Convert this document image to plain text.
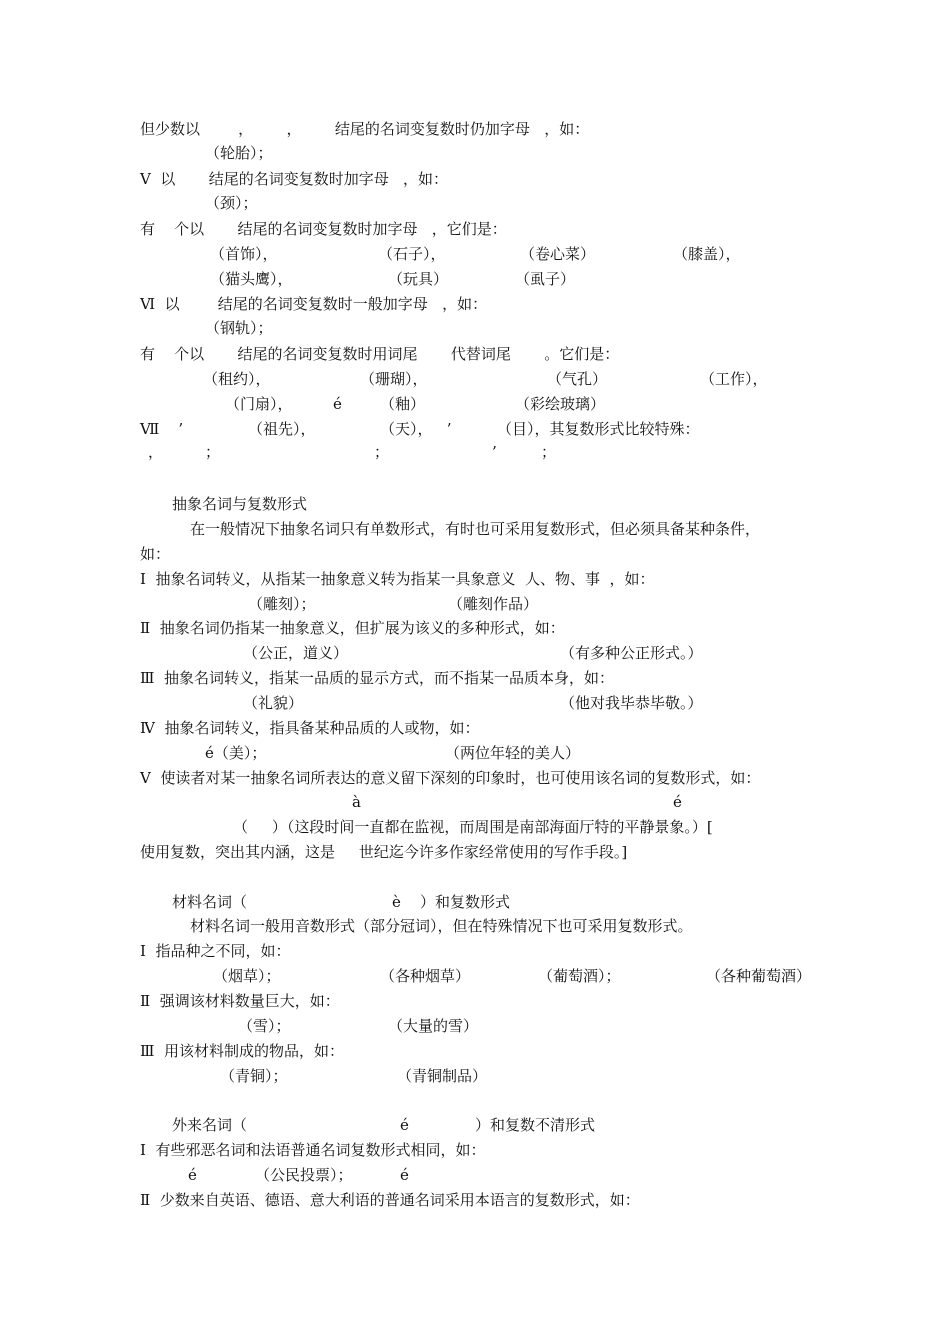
但少数以        ，       ，       结尾的名词变复数时仍加字母   ，如：
（轮胎）；
Ⅴ  以       结尾的名词变复数时加字母   ，如：
（颈）；
有    个以       结尾的名词变复数时加字母   ，它们是：
（首饰），	（石子），	（卷心菜）	（膝盖），
（猫头鹰），	（玩具）	（虱子）
Ⅵ  以        结尾的名词变复数时一般加字母   ，如：
（钢轨）；
有    个以       结尾的名词变复数时用词尾       代替词尾       。它们是：
（租约），	（珊瑚），	（气孔）	（工作），
（门扇），	é	（釉）	（彩绘玻璃）
Ⅶ    ’	（祖先），	（天），   ’	（目），其复数形式比较特殊：
，	；	；	’	；
抽象名词与复数形式
在一般情况下抽象名词只有单数形式，有时也可采用复数形式，但必须具备某种条件，
如：
Ⅰ  抽象名词转义，从指某一抽象意义转为指某一具象意义  人、物、事  ，如：
（雕刻）；	（雕刻作品）
Ⅱ  抽象名词仍指某一抽象意义，但扩展为该义的多种形式，如：
（公正，道义）	（有多种公正形式。）
Ⅲ  抽象名词转义，指某一品质的显示方式，而不指某一品质本身，如：
（礼貌）	（他对我毕恭毕敬。）
Ⅳ  抽象名词转义，指具备某种品质的人或物，如：
é（美）；	（两位年轻的美人）
Ⅴ  使读者对某一抽象名词所表达的意义留下深刻的印象时，也可使用该名词的复数形式，如：
à	é
（     ）（这段时间一直都在监视，而周围是南部海面厅特的平静景象。）[
使用复数，突出其内涵，这是     世纪迄今许多作家经常使用的写作手段。]
材料名词（	è    ）和复数形式
材料名词一般用音数形式（部分冠词），但在特殊情况下也可采用复数形式。
Ⅰ  指品种之不同，如：
（烟草）；	（各种烟草）	（葡萄酒）；	（各种葡萄酒）
Ⅱ  强调该材料数量巨大，如：
（雪）；	（大量的雪）
Ⅲ  用该材料制成的物品，如：
（青铜）；	（青铜制品）
外来名词（	é	）和复数不清形式
Ⅰ  有些邪恶名词和法语普通名词复数形式相同，如：
é	（公民投票）；	é
Ⅱ  少数来自英语、德语、意大利语的普通名词采用本语言的复数形式，如：
